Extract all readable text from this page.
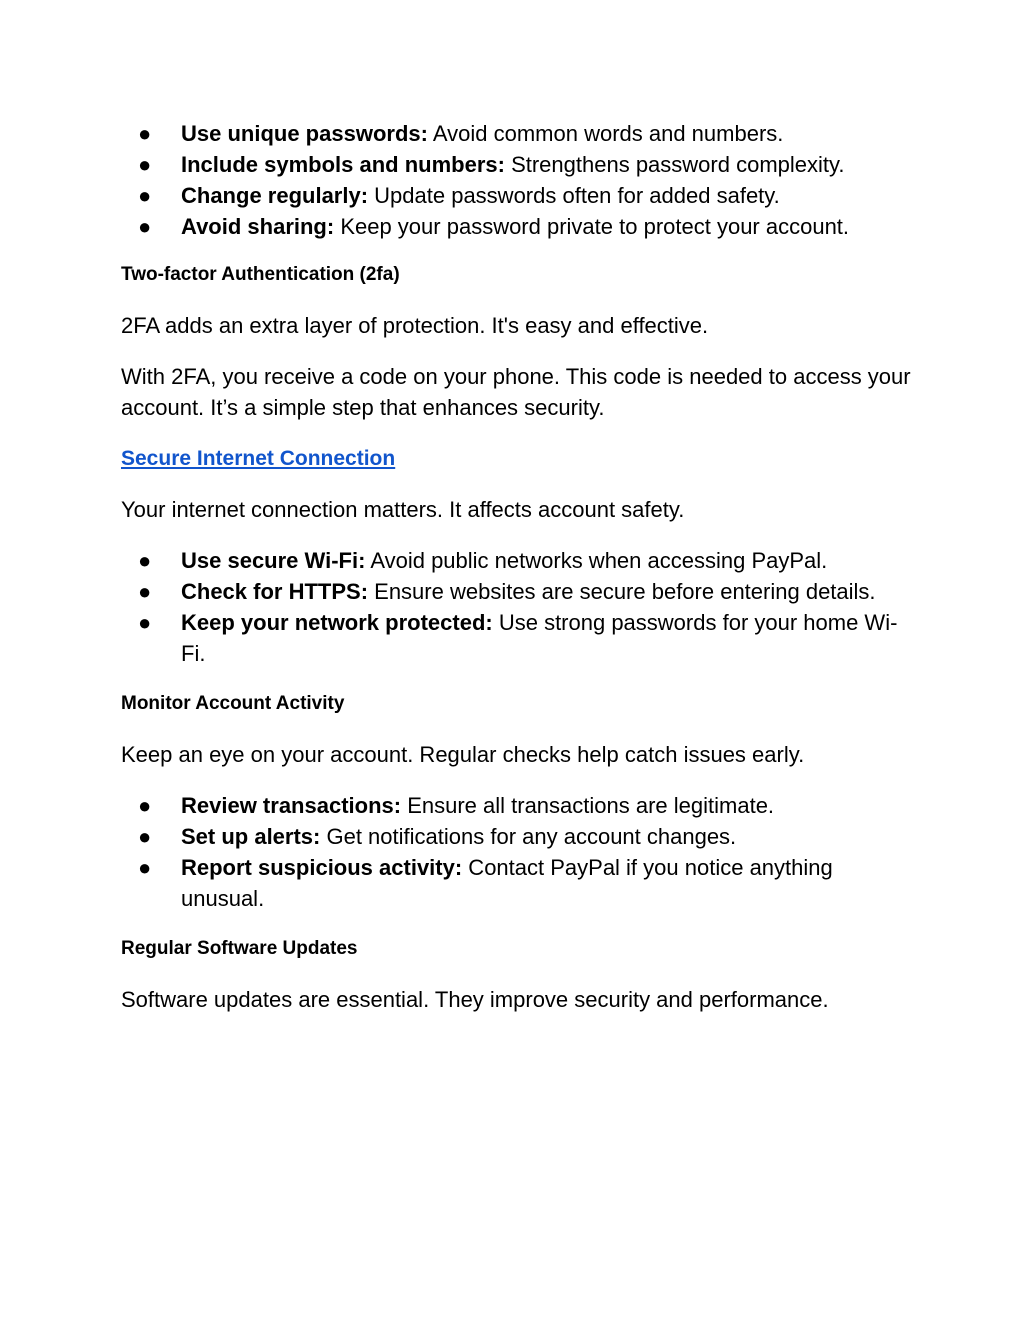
● Use unique passwords: Avoid common words and numbers.
● Include symbols and numbers: Strengthens password complexity.
● Change regularly: Update passwords often for added safety.
● Avoid sharing: Keep your password private to protect your account.
Two-factor Authentication (2fa)

2FA adds an extra layer of protection. It's easy and effective.

With 2FA, you receive a code on your phone. This code is needed to access your account. It’s a simple step that enhances security.

Secure Internet Connection

Your internet connection matters. It affects account safety.

● Use secure Wi-Fi: Avoid public networks when accessing PayPal.
● Check for HTTPS: Ensure websites are secure before entering details.
● Keep your network protected: Use strong passwords for your home Wi-Fi.
Monitor Account Activity

Keep an eye on your account. Regular checks help catch issues early.

● Review transactions: Ensure all transactions are legitimate.
● Set up alerts: Get notifications for any account changes.
● Report suspicious activity: Contact PayPal if you notice anything unusual.
Regular Software Updates

Software updates are essential. They improve security and performance.
